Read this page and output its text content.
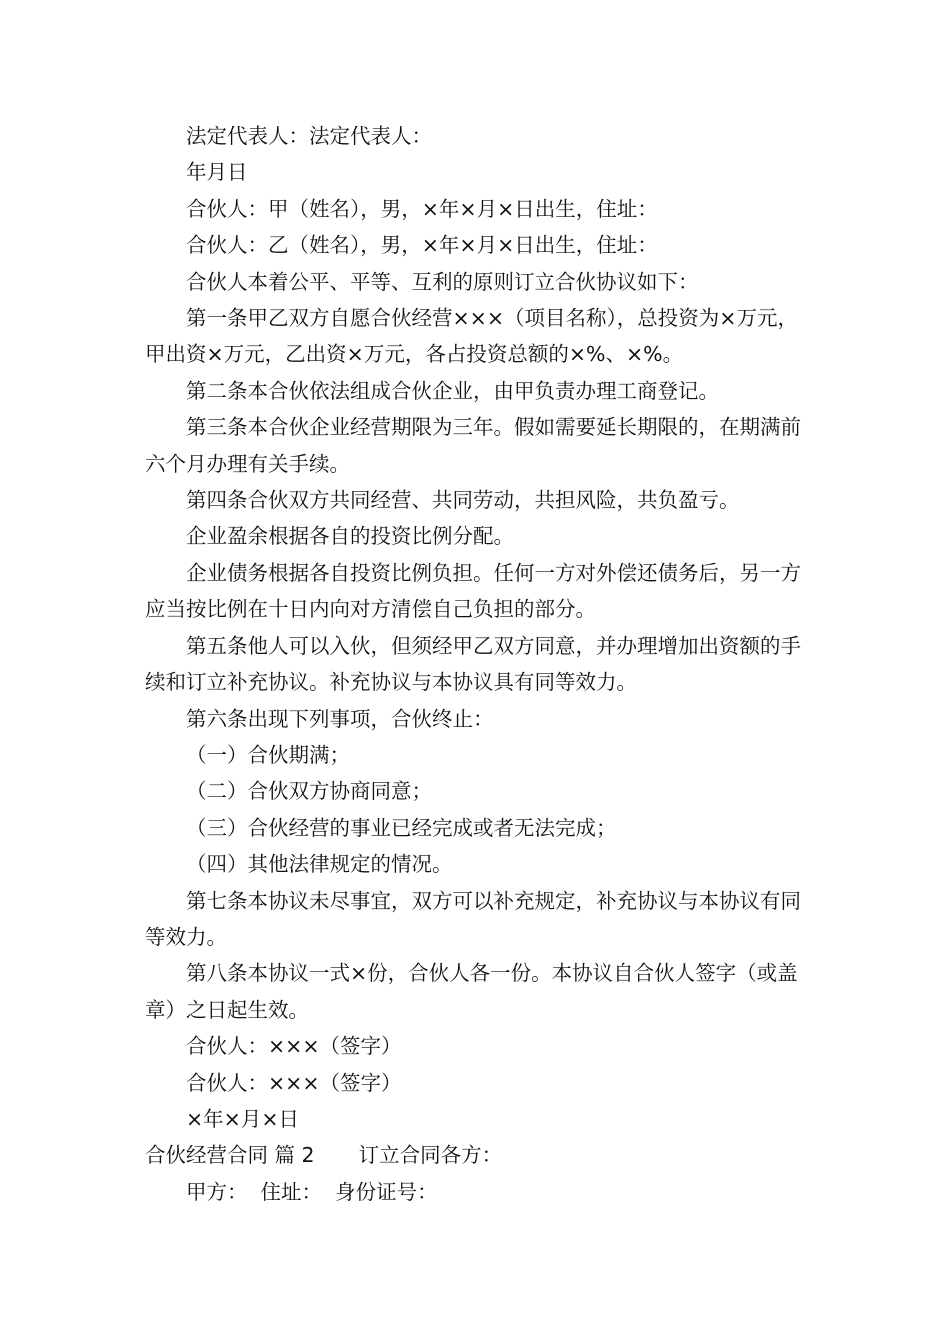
法定代表人：法定代表人：

年月日

合伙人：甲（姓名），男，×年×月×日出生，住址：

合伙人：乙（姓名），男，×年×月×日出生，住址：

合伙人本着公平、平等、互利的原则订立合伙协议如下：

第一条甲乙双方自愿合伙经营×××（项目名称），总投资为×万元，甲出资×万元，乙出资×万元，各占投资总额的×%、×%。

第二条本合伙依法组成合伙企业，由甲负责办理工商登记。

第三条本合伙企业经营期限为三年。假如需要延长期限的，在期满前六个月办理有关手续。

第四条合伙双方共同经营、共同劳动，共担风险，共负盈亏。

企业盈余根据各自的投资比例分配。

企业债务根据各自投资比例负担。任何一方对外偿还债务后，另一方应当按比例在十日内向对方清偿自己负担的部分。

第五条他人可以入伙，但须经甲乙双方同意，并办理增加出资额的手续和订立补充协议。补充协议与本协议具有同等效力。

第六条出现下列事项，合伙终止：

（一）合伙期满；

（二）合伙双方协商同意；

（三）合伙经营的事业已经完成或者无法完成；

（四）其他法律规定的情况。

第七条本协议未尽事宜，双方可以补充规定，补充协议与本协议有同等效力。

第八条本协议一式×份，合伙人各一份。本协议自合伙人签字（或盖章）之日起生效。

合伙人：×××（签字）

合伙人：×××（签字）

×年×月×日

合伙经营合同 篇 2 订立合同各方：

甲方：  住址：  身份证号：
